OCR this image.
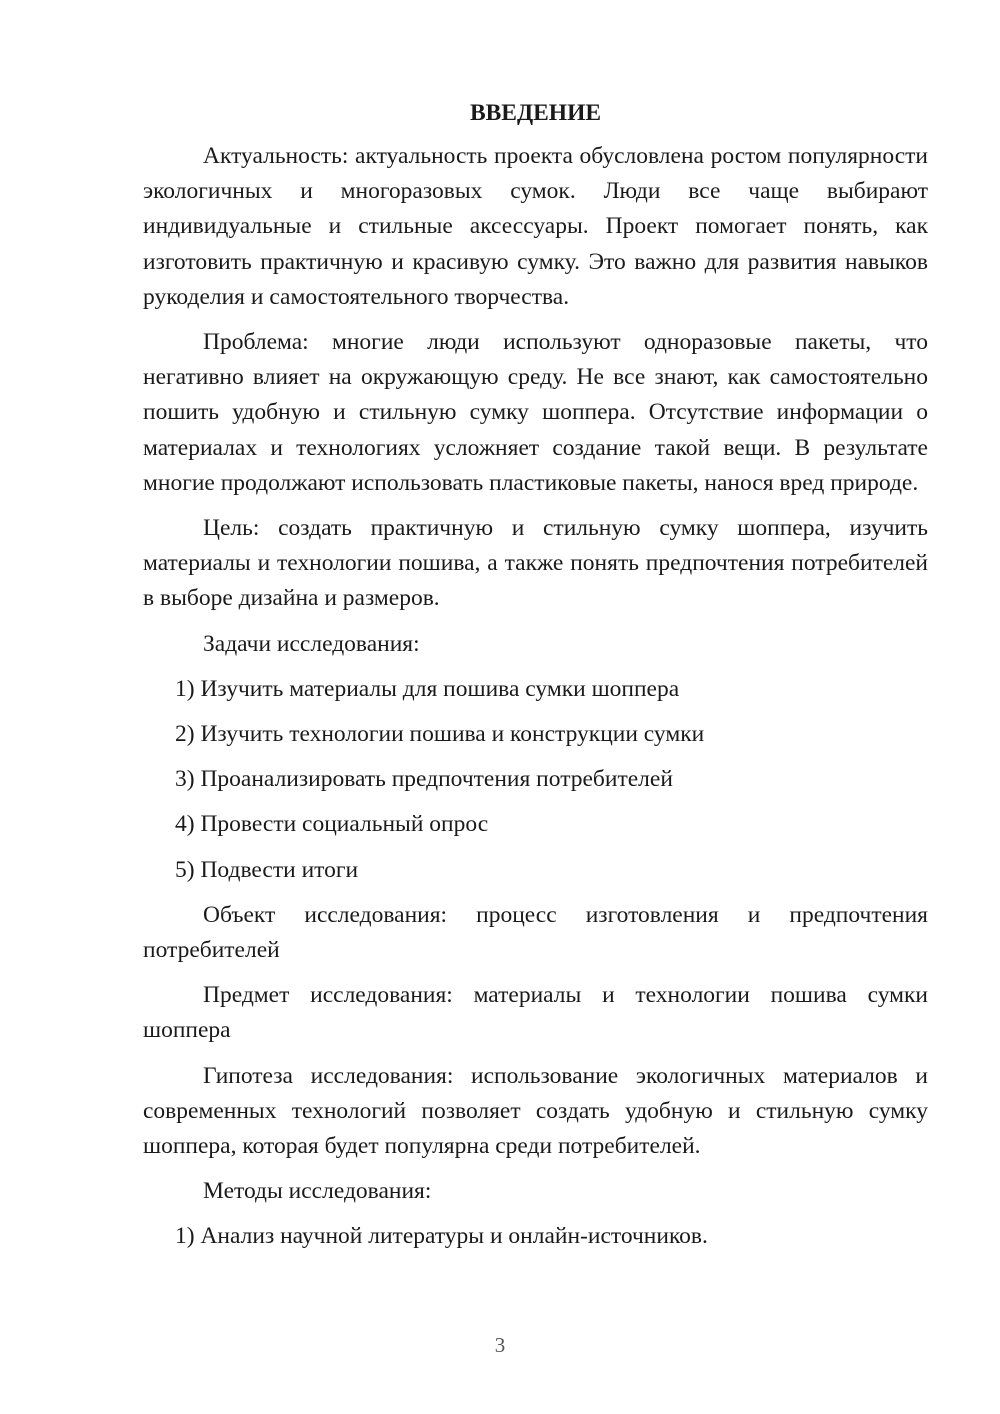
ВВЕДЕНИЕ

Актуальность: актуальность проекта обусловлена ростом популярности экологичных и многоразовых сумок. Люди все чаще выбирают индивидуальные и стильные аксессуары. Проект помогает понять, как изготовить практичную и красивую сумку. Это важно для развития навыков рукоделия и самостоятельного творчества.

Проблема: многие люди используют одноразовые пакеты, что негативно влияет на окружающую среду. Не все знают, как самостоятельно пошить удобную и стильную сумку шоппера. Отсутствие информации о материалах и технологиях усложняет создание такой вещи. В результате многие продолжают использовать пластиковые пакеты, нанося вред природе.

Цель: создать практичную и стильную сумку шоппера, изучить материалы и технологии пошива, а также понять предпочтения потребителей в выборе дизайна и размеров.

Задачи исследования:

1) Изучить материалы для пошива сумки шоппера
2) Изучить технологии пошива и конструкции сумки
3) Проанализировать предпочтения потребителей
4) Провести социальный опрос
5) Подвести итоги

Объект исследования: процесс изготовления и предпочтения потребителей

Предмет исследования: материалы и технологии пошива сумки шоппера

Гипотеза исследования: использование экологичных материалов и современных технологий позволяет создать удобную и стильную сумку шоппера, которая будет популярна среди потребителей.

Методы исследования:

1) Анализ научной литературы и онлайн-источников.
3
